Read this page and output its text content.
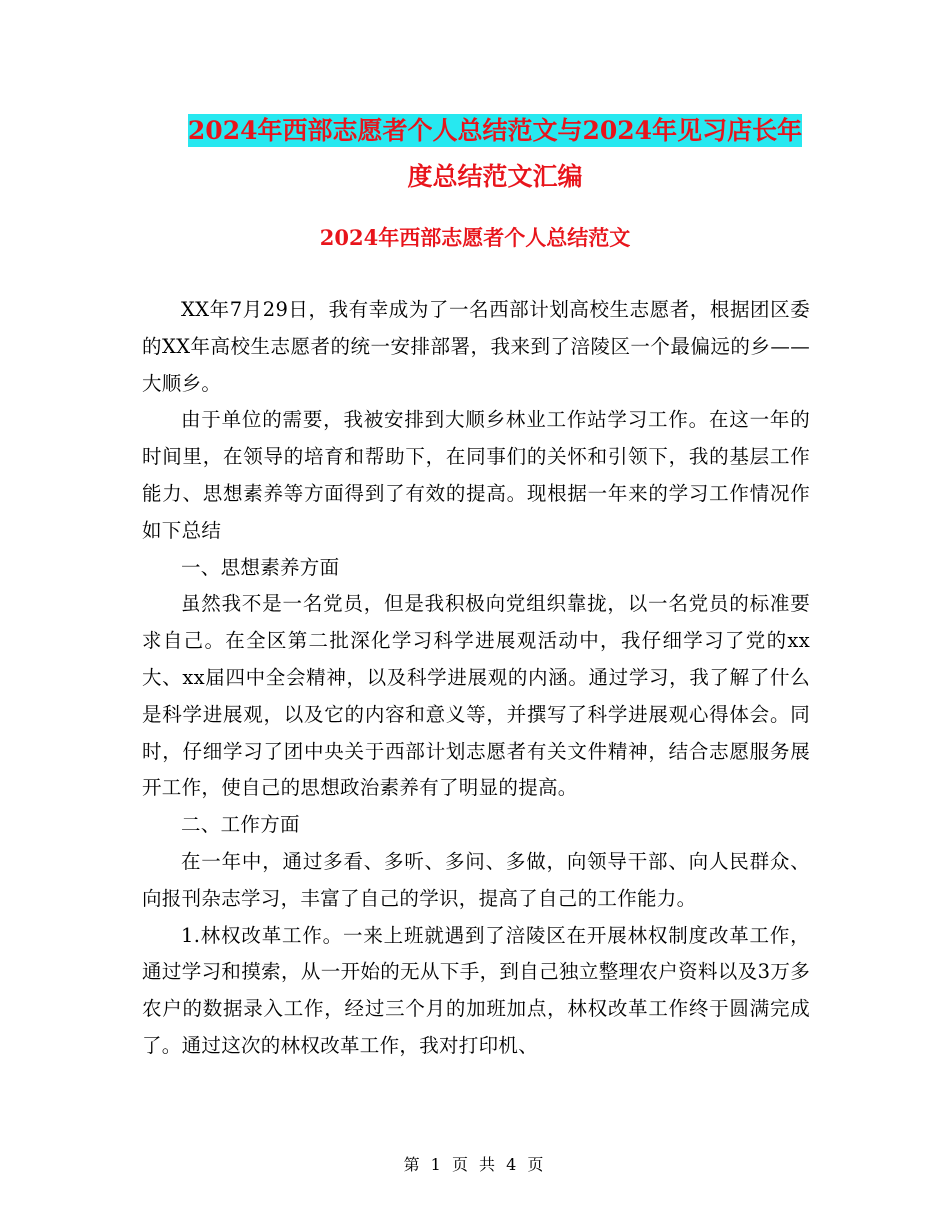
2024年西部志愿者个人总结范文与2024年见习店长年
度总结范文汇编
2024年西部志愿者个人总结范文

XX年7月29日，我有幸成为了一名西部计划高校生志愿者，根据团区委的XX年高校生志愿者的统一安排部署，我来到了涪陵区一个最偏远的乡——大顺乡。

由于单位的需要，我被安排到大顺乡林业工作站学习工作。在这一年的时间里，在领导的培育和帮助下，在同事们的关怀和引领下，我的基层工作能力、思想素养等方面得到了有效的提高。现根据一年来的学习工作情况作如下总结

一、思想素养方面

虽然我不是一名党员，但是我积极向党组织靠拢，以一名党员的标准要求自己。在全区第二批深化学习科学进展观活动中，我仔细学习了党的xx大、xx届四中全会精神，以及科学进展观的内涵。通过学习，我了解了什么是科学进展观，以及它的内容和意义等，并撰写了科学进展观心得体会。同时，仔细学习了团中央关于西部计划志愿者有关文件精神，结合志愿服务展开工作，使自己的思想政治素养有了明显的提高。

二、工作方面

在一年中，通过多看、多听、多问、多做，向领导干部、向人民群众、向报刊杂志学习，丰富了自己的学识，提高了自己的工作能力。

1.林权改革工作。一来上班就遇到了涪陵区在开展林权制度改革工作，通过学习和摸索，从一开始的无从下手，到自己独立整理农户资料以及3万多农户的数据录入工作，经过三个月的加班加点，林权改革工作终于圆满完成了。通过这次的林权改革工作，我对打印机、

第 1 页 共 4 页
